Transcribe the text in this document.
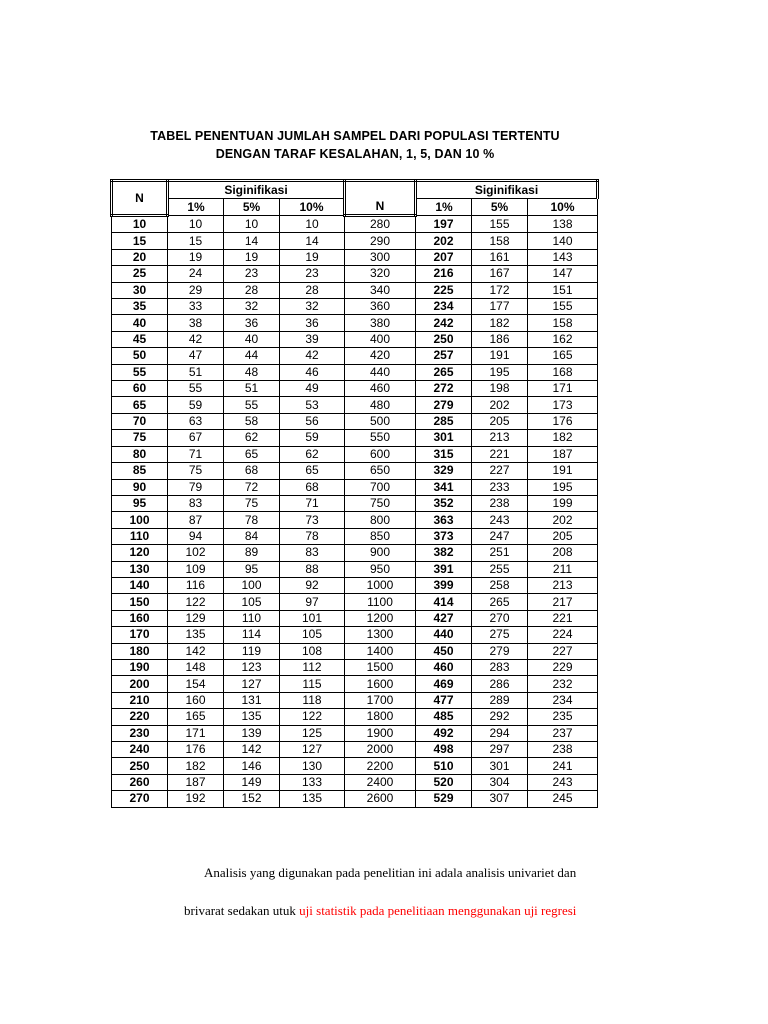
TABEL PENENTUAN JUMLAH SAMPEL DARI POPULASI TERTENTU
DENGAN TARAF KESALAHAN, 1, 5, DAN 10 %
N	Siginifikasi			N	Siginifikasi		
	1%	5%	10%		1%	5%	10%
10	10	10	10	280	197	155	138
15	15	14	14	290	202	158	140
20	19	19	19	300	207	161	143
25	24	23	23	320	216	167	147
30	29	28	28	340	225	172	151
35	33	32	32	360	234	177	155
40	38	36	36	380	242	182	158
45	42	40	39	400	250	186	162
50	47	44	42	420	257	191	165
55	51	48	46	440	265	195	168
60	55	51	49	460	272	198	171
65	59	55	53	480	279	202	173
70	63	58	56	500	285	205	176
75	67	62	59	550	301	213	182
80	71	65	62	600	315	221	187
85	75	68	65	650	329	227	191
90	79	72	68	700	341	233	195
95	83	75	71	750	352	238	199
100	87	78	73	800	363	243	202
110	94	84	78	850	373	247	205
120	102	89	83	900	382	251	208
130	109	95	88	950	391	255	211
140	116	100	92	1000	399	258	213
150	122	105	97	1100	414	265	217
160	129	110	101	1200	427	270	221
170	135	114	105	1300	440	275	224
180	142	119	108	1400	450	279	227
190	148	123	112	1500	460	283	229
200	154	127	115	1600	469	286	232
210	160	131	118	1700	477	289	234
220	165	135	122	1800	485	292	235
230	171	139	125	1900	492	294	237
240	176	142	127	2000	498	297	238
250	182	146	130	2200	510	301	241
260	187	149	133	2400	520	304	243
270	192	152	135	2600	529	307	245
Analisis yang digunakan pada penelitian ini adala analisis univariet dan
brivarat sedakan utuk uji statistik pada penelitiaan menggunakan uji regresi
